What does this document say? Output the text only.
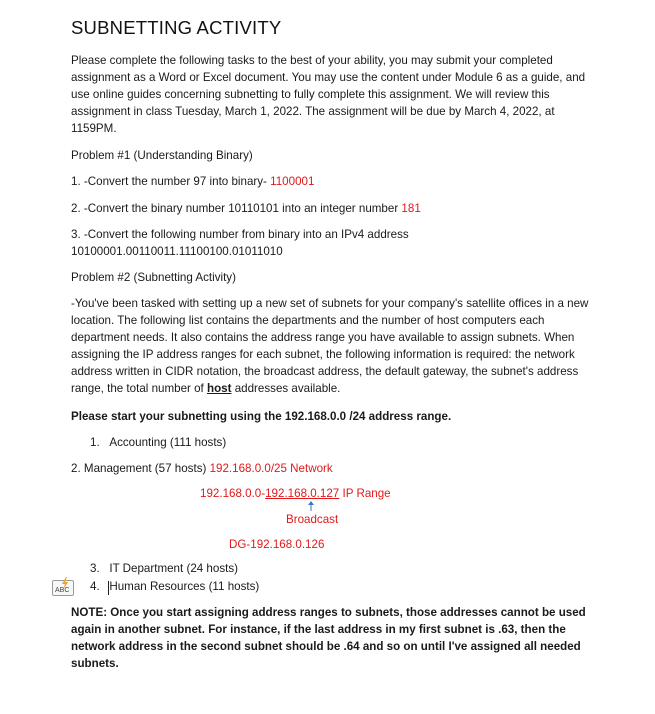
SUBNETTING ACTIVITY
Please complete the following tasks to the best of your ability, you may submit your completed assignment as a Word or Excel document. You may use the content under Module 6 as a guide, and use online guides concerning subnetting to fully complete this assignment. We will review this assignment in class Tuesday, March 1, 2022. The assignment will be due by March 4, 2022, at 1159PM.
Problem #1 (Understanding Binary)
1. -Convert the number 97 into binary- 1100001
2. -Convert the binary number 10110101 into an integer number 181
3. -Convert the following number from binary into an IPv4 address
10100001.00110011.11100100.01011010
Problem #2 (Subnetting Activity)
-You've been tasked with setting up a new set of subnets for your company's satellite offices in a new location. The following list contains the departments and the number of host computers each department needs. It also contains the address range you have available to assign subnets. When assigning the IP address ranges for each subnet, the following information is required: the network address written in CIDR notation, the broadcast address, the default gateway, the subnet's address range, the total number of host addresses available.
Please start your subnetting using the 192.168.0.0 /24 address range.
1. Accounting (111 hosts)
2. Management (57 hosts) 192.168.0.0/25 Network
192.168.0.0-192.168.0.127 IP Range
Broadcast
DG-192.168.0.126
3. IT Department (24 hosts)
4. Human Resources (11 hosts)
ABC
NOTE: Once you start assigning address ranges to subnets, those addresses cannot be used again in another subnet. For instance, if the last address in my first subnet is .63, then the network address in the second subnet should be .64 and so on until I've assigned all needed subnets.
